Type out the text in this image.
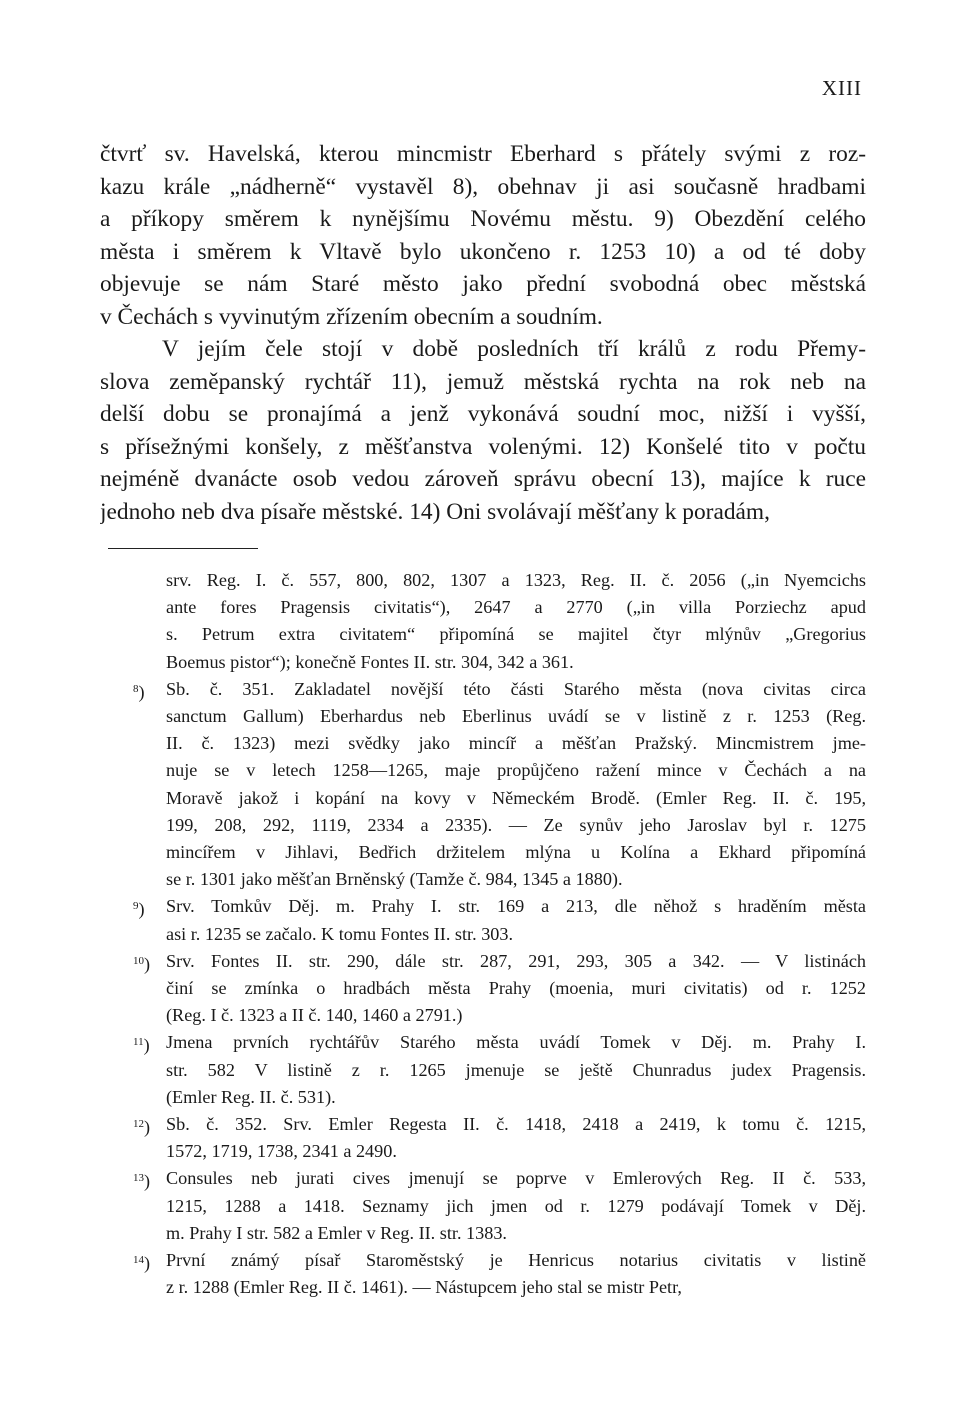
XIII
čtvrť sv. Havelská, kterou mincmistr Eberhard s přátely svými z roz-
kazu krále „nádherně“ vystavěl 8), obehnav ji asi současně hradbami
a příkopy směrem k nynějšímu Novému městu. 9) Obezdění celého
města i směrem k Vltavě bylo ukončeno r. 1253 10) a od té doby
objevuje se nám Staré město jako přední svobodná obec městská
v Čechách s vyvinutým zřízením obecním a soudním.
V jejím čele stojí v době posledních tří králů z rodu Přemy-
slova zeměpanský rychtář 11), jemuž městská rychta na rok neb na
delší dobu se pronajímá a jenž vykonává soudní moc, nižší i vyšší,
s přísežnými konšely, z měšťanstva volenými. 12) Konšelé tito v počtu
nejméně dvanácte osob vedou zároveň správu obecní 13), majíce k ruce
jednoho neb dva písaře městské. 14) Oni svolávají měšťany k poradám,
srv. Reg. I. č. 557, 800, 802, 1307 a 1323, Reg. II. č. 2056 („in Nyemcichs
ante fores Pragensis civitatis“), 2647 a 2770 („in villa Porziechz apud
s. Petrum extra civitatem“ připomíná se majitel čtyr mlýnův „Gregorius
Boemus pistor“); konečně Fontes II. str. 304, 342 a 361.
$^8$) Sb. č. 351. Zakladatel novější této části Starého města (nova civitas circa
sanctum Gallum) Eberhardus neb Eberlinus uvádí se v listině z r. 1253 (Reg.
II. č. 1323) mezi svědky jako mincíř a měšťan Pražský. Mincmistrem jme-
nuje se v letech 1258—1265, maje propůjčeno ražení mince v Čechách a na
Moravě jakož i kopání na kovy v Německém Brodě. (Emler Reg. II. č. 195,
199, 208, 292, 1119, 2334 a 2335). — Ze synův jeho Jaroslav byl r. 1275
mincířem v Jihlavi, Bedřich držitelem mlýna u Kolína a Ekhard připomíná
se r. 1301 jako měšťan Brněnský (Tamže č. 984, 1345 a 1880).
$^9$) Srv. Tomkův Děj. m. Prahy I. str. 169 a 213, dle něhož s hraděním města
asi r. 1235 se začalo. K tomu Fontes II. str. 303.
$^{10}$) Srv. Fontes II. str. 290, dále str. 287, 291, 293, 305 a 342. — V listinách
činí se zmínka o hradbách města Prahy (moenia, muri civitatis) od r. 1252
(Reg. I č. 1323 a II č. 140, 1460 a 2791.)
$^{11}$) Jmena prvních rychtářův Starého města uvádí Tomek v Děj. m. Prahy I.
str. 582 V listině z r. 1265 jmenuje se ještě Chunradus judex Pragensis.
(Emler Reg. II. č. 531).
$^{12}$) Sb. č. 352. Srv. Emler Regesta II. č. 1418, 2418 a 2419, k tomu č. 1215,
1572, 1719, 1738, 2341 a 2490.
$^{13}$) Consules neb jurati cives jmenují se poprve v Emlerových Reg. II č. 533,
1215, 1288 a 1418. Seznamy jich jmen od r. 1279 podávají Tomek v Děj.
m. Prahy I str. 582 a Emler v Reg. II. str. 1383.
$^{14}$) První známý písař Staroměstský je Henricus notarius civitatis v listině
z r. 1288 (Emler Reg. II č. 1461). — Nástupcem jeho stal se mistr Petr,
